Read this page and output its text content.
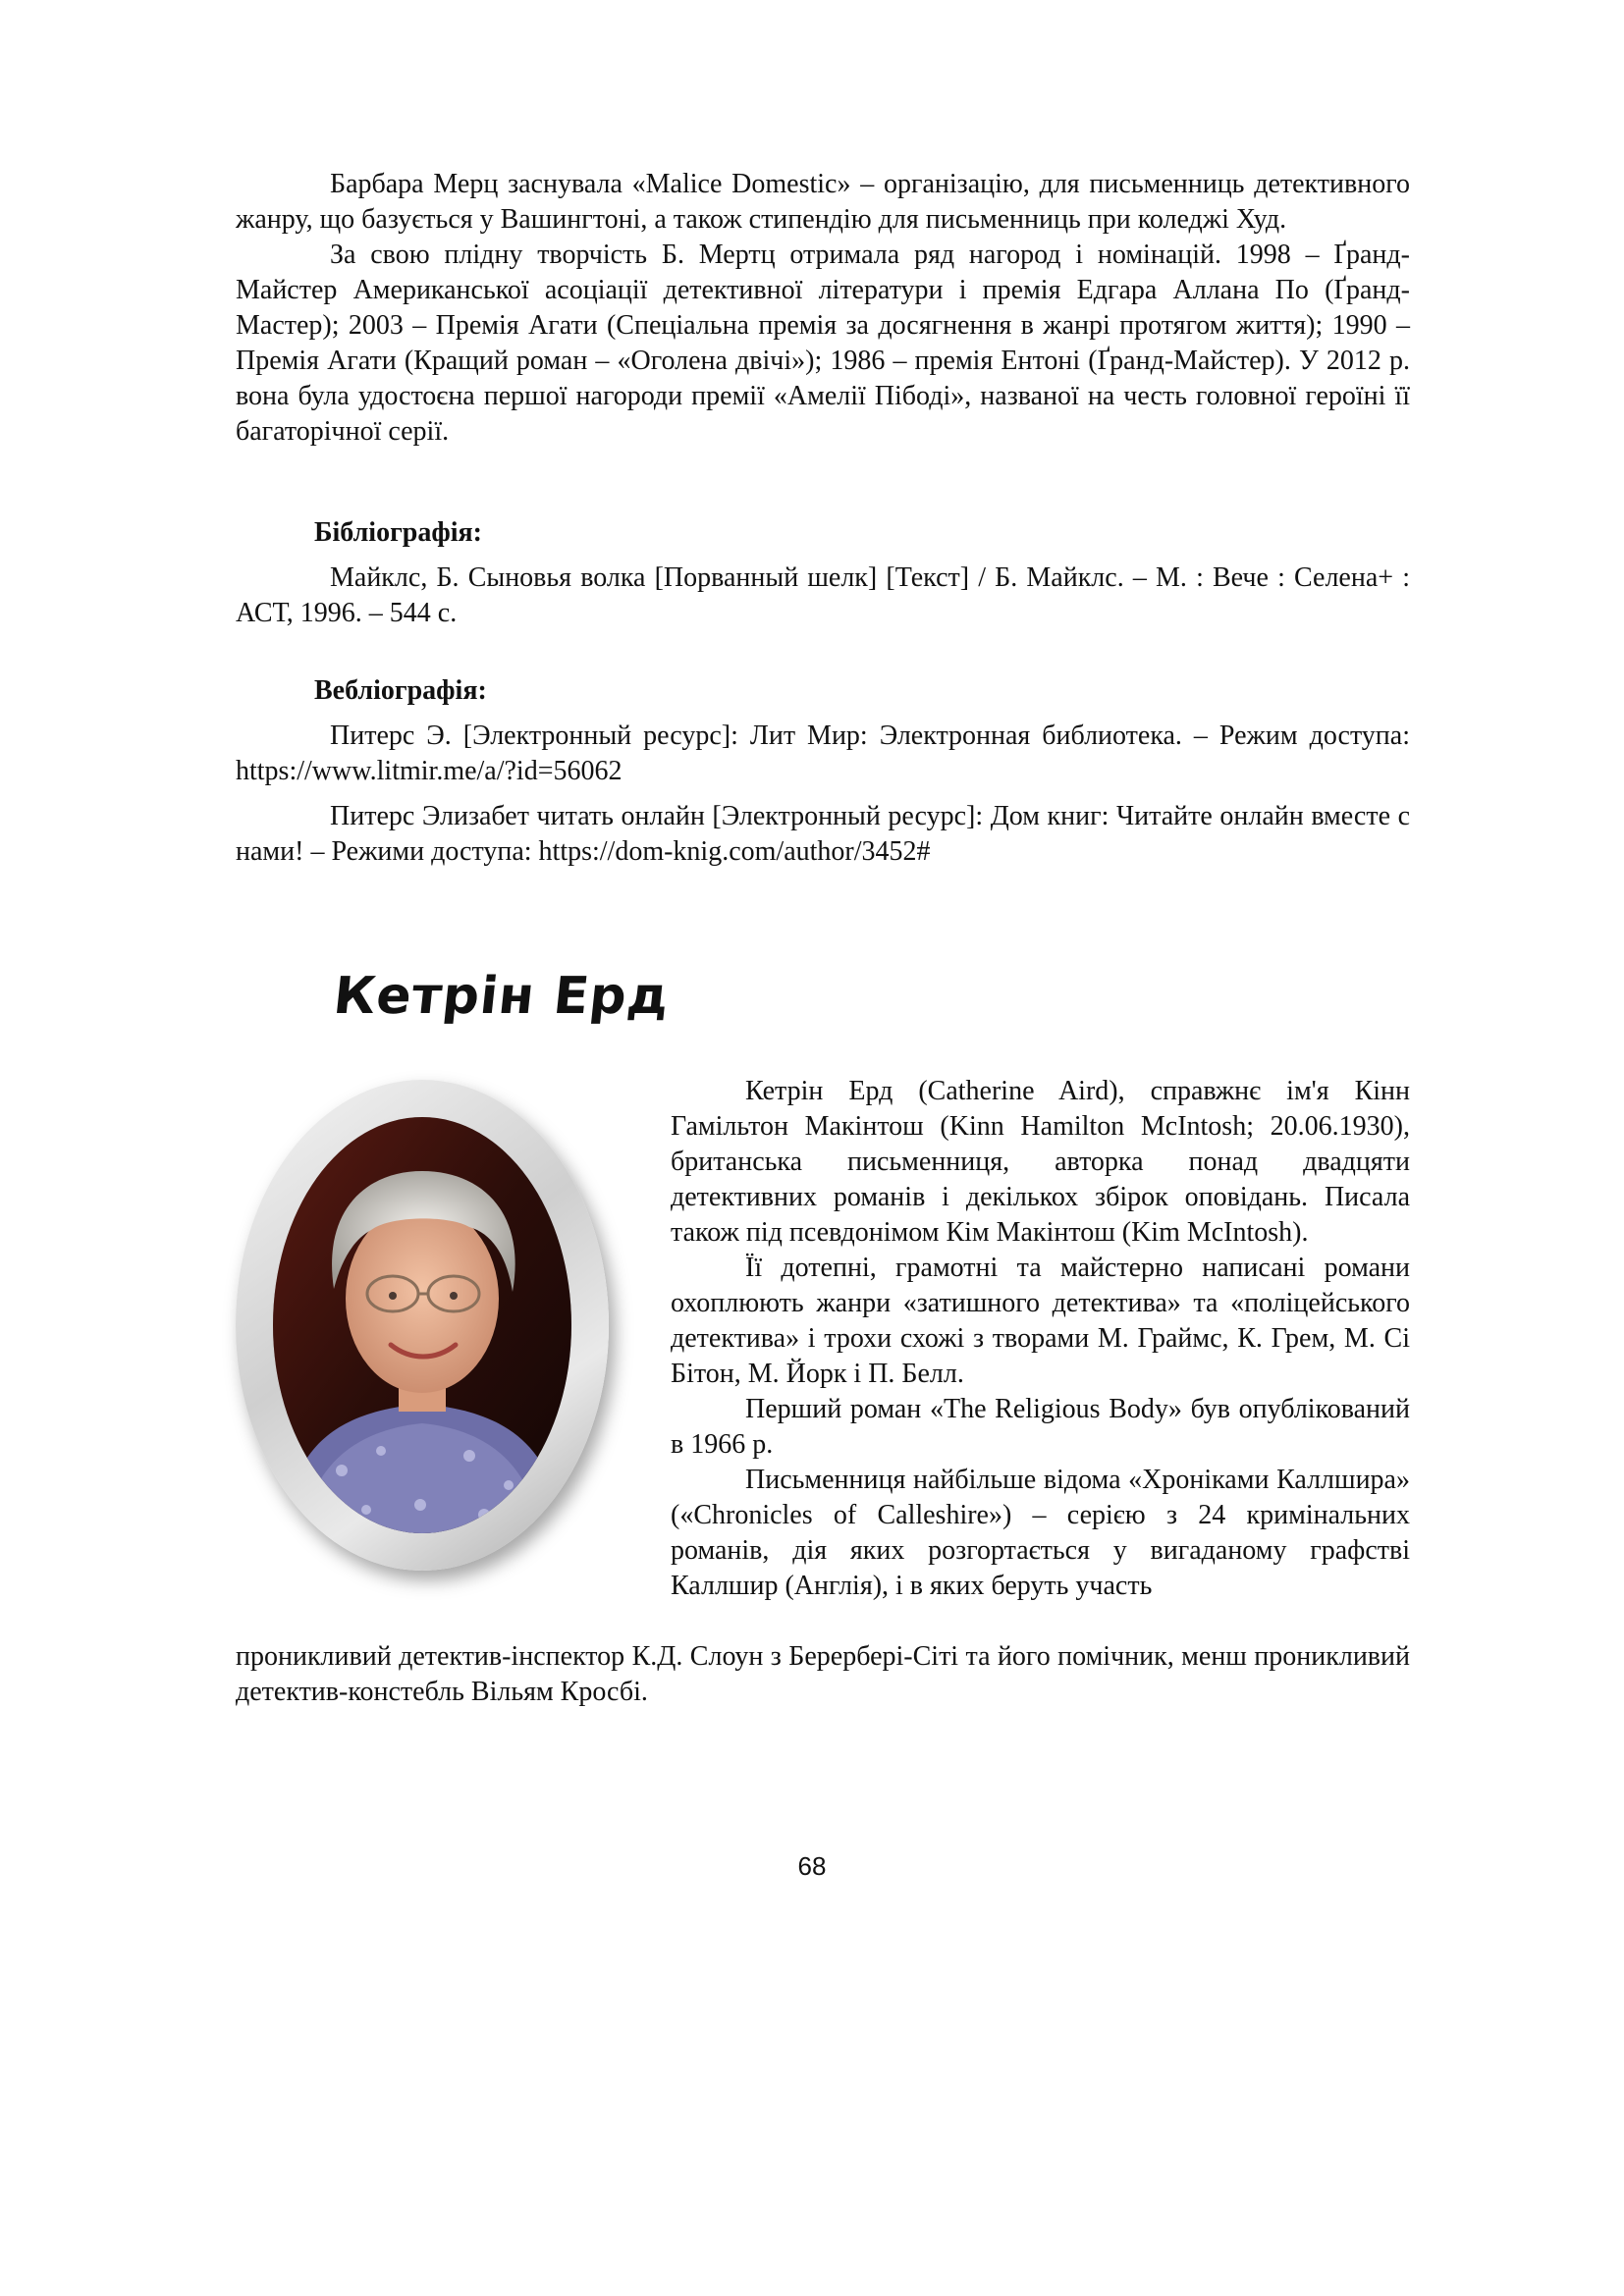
Барбара Мерц заснувала «Malice Domestic» – організацію, для письменниць детективного жанру, що базується у Вашингтоні, а також стипендію для письменниць при коледжі Худ.

За свою плідну творчість Б. Мертц отримала ряд нагород і номінацій. 1998 – Ґранд-Майстер Американської асоціації детективної літератури і премія Едгара Аллана По (Ґранд-Мастер); 2003 – Премія Агати (Спеціальна премія за досягнення в жанрі протягом життя); 1990 – Премія Агати (Кращий роман – «Оголена двічі»); 1986 – премія Ентоні (Ґранд-Майстер). У 2012 р. вона була удостоєна першої нагороди премії «Амелії Пібоді», названої на честь головної героїні її багаторічної серії.

Бібліографія:

Майклс, Б. Сыновья волка [Порванный шелк] [Текст] / Б. Майклс. – М. : Вече : Селена+ : АСТ, 1996. – 544 с.

Вебліографія:

Питерс Э. [Электронный ресурс]: Лит Мир: Электронная библиотека. – Режим доступа: https://www.litmir.me/a/?id=56062

Питерс Элизабет читать онлайн [Электронный ресурс]: Дом книг: Читайте онлайн вместе с нами! – Режими доступа: https://dom-knig.com/author/3452#

Кетрін Ерд

Кетрін Ерд (Catherine Aird), справжнє ім'я Кінн Гамільтон Макінтош (Kinn Hamilton McIntosh; 20.06.1930), британська письменниця, авторка понад двадцяти детективних романів і декількох збірок оповідань. Писала також під псевдонімом Кім Макінтош (Kim McIntosh).

Її дотепні, грамотні та майстерно написані романи охоплюють жанри «затишного детектива» та «поліцейського детектива» і трохи схожі з творами М. Граймс, К. Грем, М. Сі Бітон, М. Йорк і П. Белл.

Перший роман «The Religious Body» був опублікований в 1966 р.

Письменниця найбільше відома «Хроніками Каллшира» («Chronicles of Calleshire») – серією з 24 кримінальних романів, дія яких розгортається у вигаданому графстві Каллшир (Англія), і в яких беруть участь

проникливий детектив-інспектор К.Д. Слоун з Берербері-Сіті та його помічник, менш проникливий детектив-констебль Вільям Кросбі.

68
